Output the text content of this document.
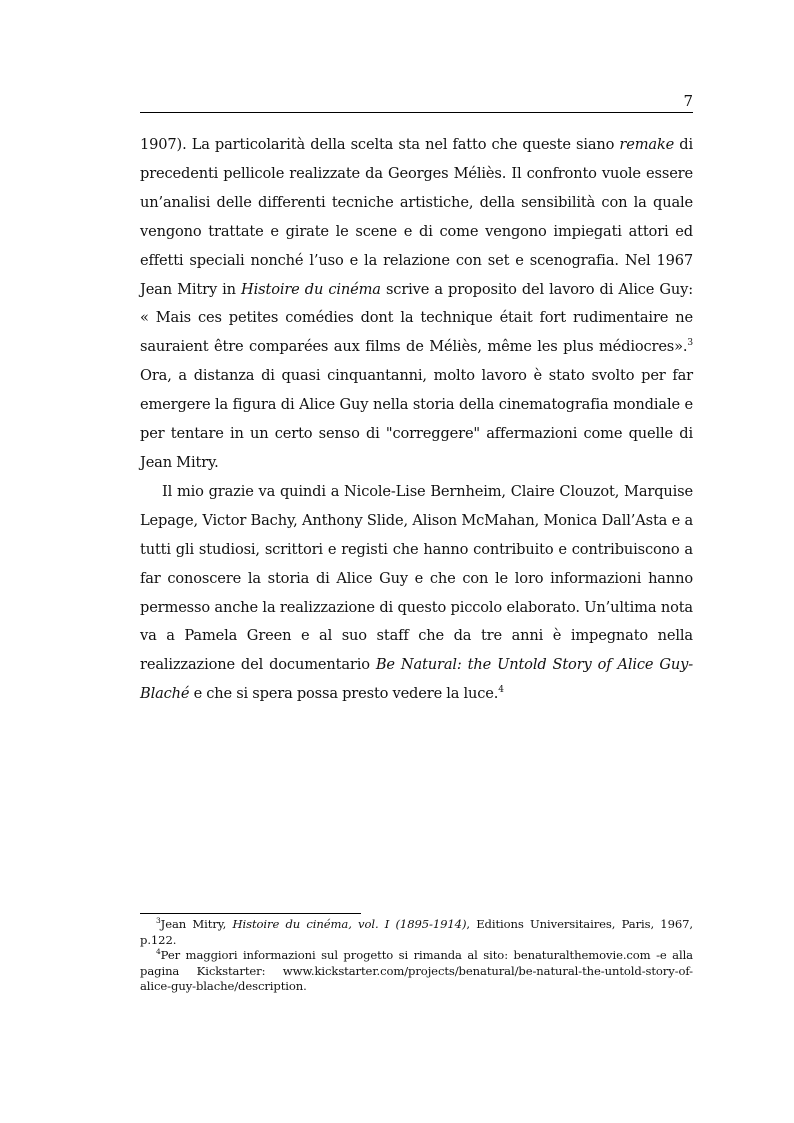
7

1907). La particolarità della scelta sta nel fatto che queste siano remake di precedenti pellicole realizzate da Georges Méliès. Il confronto vuole essere un’analisi delle differenti tecniche artistiche, della sensibilità con la quale vengono trattate e girate le scene e di come vengono impiegati attori ed effetti speciali nonché l’uso e la relazione con set e scenografia. Nel 1967 Jean Mitry in Histoire du cinéma scrive a proposito del lavoro di Alice Guy: « Mais ces petites comédies dont la technique était fort rudimentaire ne sauraient être comparées aux films de Méliès, même les plus médiocres».$^3$ Ora, a distanza di quasi cinquantanni, molto lavoro è stato svolto per far emergere la figura di Alice Guy nella storia della cinematografia mondiale e per tentare in un certo senso di "correggere" affermazioni come quelle di Jean Mitry.

Il mio grazie va quindi a Nicole-Lise Bernheim, Claire Clouzot, Marquise Lepage, Victor Bachy, Anthony Slide, Alison McMahan, Monica Dall’Asta e a tutti gli studiosi, scrittori e registi che hanno contribuito e contribuiscono a far conoscere la storia di Alice Guy e che con le loro informazioni hanno permesso anche la realizzazione di questo piccolo elaborato. Un’ultima nota va a Pamela Green e al suo staff che da tre anni è impegnato nella realizzazione del documentario Be Natural: the Untold Story of Alice Guy-Blaché e che si spera possa presto vedere la luce.$^4$

$^3$Jean Mitry, Histoire du cinéma, vol. I (1895-1914), Editions Universitaires, Paris, 1967, p.122.

$^4$Per maggiori informazioni sul progetto si rimanda al sito: benaturalthemovie.com -e alla pagina Kickstarter: www.kickstarter.com/projects/benatural/be-natural-the-untold-story-of-alice-guy-blache/description.
